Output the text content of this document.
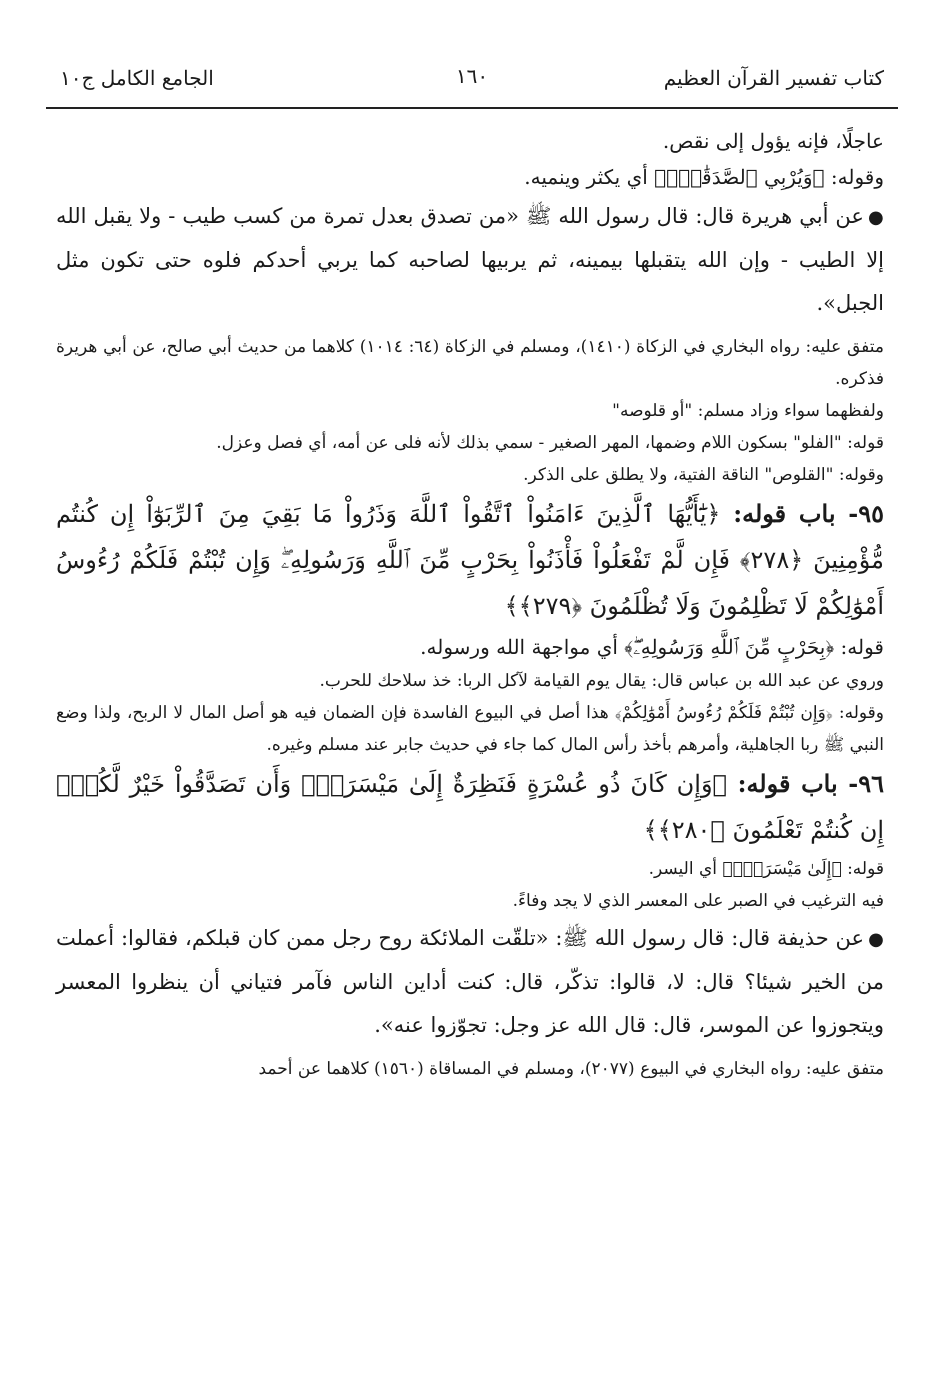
كتاب تفسير القرآن العظيم
١٦٠
الجامع الكامل ج١٠
عاجلًا، فإنه يؤول إلى نقص.
وقوله: ﴿وَيُرْبِي ٱلصَّدَقَٰتِۗ﴾ أي يكثر وينميه.
●عن أبي هريرة قال: قال رسول الله ﷺ «من تصدق بعدل تمرة من كسب طيب - ولا يقبل الله إلا الطيب - وإن الله يتقبلها بيمينه، ثم يربيها لصاحبه كما يربي أحدكم فلوه حتى تكون مثل الجبل».
متفق عليه: رواه البخاري في الزكاة (١٤١٠)، ومسلم في الزكاة (٦٤: ١٠١٤) كلاهما من حديث أبي صالح، عن أبي هريرة فذكره.
ولفظهما سواء وزاد مسلم: "أو قلوصه"
قوله: "الفلو" بسكون اللام وضمها، المهر الصغير - سمي بذلك لأنه فلى عن أمه، أي فصل وعزل.
وقوله: "القلوص" الناقة الفتية، ولا يطلق على الذكر.
٩٥- باب قوله: ﴿يَٰٓأَيُّهَا ٱلَّذِينَ ءَامَنُواْ ٱتَّقُواْ ٱللَّهَ وَذَرُواْ مَا بَقِيَ مِنَ ٱلرِّبَوٰٓاْ إِن كُنتُم مُّؤْمِنِينَ ﴿٢٧٨﴾ فَإِن لَّمْ تَفْعَلُواْ فَأْذَنُواْ بِحَرْبٍ مِّنَ ٱللَّهِ وَرَسُولِهِۦۖ وَإِن تُبْتُمْ فَلَكُمْ رُءُوسُ أَمْوَٰلِكُمْ لَا تَظْلِمُونَ وَلَا تُظْلَمُونَ ﴿٢٧٩﴾﴾
قوله: ﴿بِحَرْبٍ مِّنَ ٱللَّهِ وَرَسُولِهِۦۖ﴾ أي مواجهة الله ورسوله.
وروي عن عبد الله بن عباس قال: يقال يوم القيامة لآكل الربا: خذ سلاحك للحرب.
وقوله: ﴿وَإِن تُبْتُمْ فَلَكُمْ رُءُوسُ أَمْوَٰلِكُمْ﴾ هذا أصل في البيوع الفاسدة فإن الضمان فيه هو أصل المال لا الربح، ولذا وضع النبي ﷺ ربا الجاهلية، وأمرهم بأخذ رأس المال كما جاء في حديث جابر عند مسلم وغيره.
٩٦- باب قوله: ﴿وَإِن كَانَ ذُو عُسْرَةٍ فَنَظِرَةٌ إِلَىٰ مَيْسَرَةٍۚ وَأَن تَصَدَّقُواْ خَيْرٌ لَّكُمْۖ إِن كُنتُمْ تَعْلَمُونَ ﴿٢٨٠﴾﴾
قوله: ﴿إِلَىٰ مَيْسَرَةٍۚ﴾ أي اليسر.
فيه الترغيب في الصبر على المعسر الذي لا يجد وفاءً.
●عن حذيفة قال: قال رسول الله ﷺ: «تلقّت الملائكة روح رجل ممن كان قبلكم، فقالوا: أعملت من الخير شيئا؟ قال: لا، قالوا: تذكّر، قال: كنت أداين الناس فآمر فتياني أن ينظروا المعسر ويتجوزوا عن الموسر، قال: قال الله عز وجل: تجوّزوا عنه».
متفق عليه: رواه البخاري في البيوع (٢٠٧٧)، ومسلم في المساقاة (١٥٦٠) كلاهما عن أحمد
